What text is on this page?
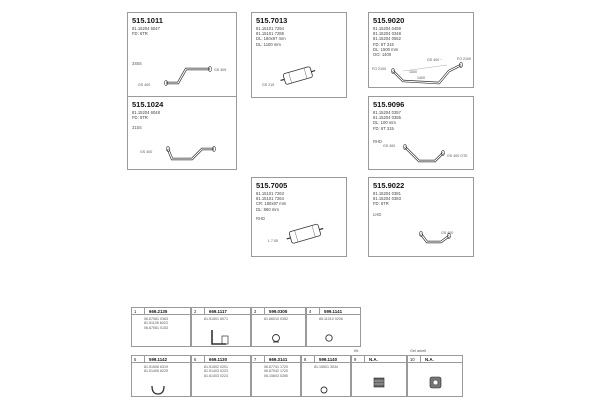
515.1011
81.15204 6047
FD: 6TR
345S
GS 400
GS 409
515.7013
81.15101 7294
81.15101 7286
DL: 180x97 mm
DL: 1100 mm
GS 215
515.9020
81.15204 0459
81.15204 0348
81.15204 0552
FD: 6T 315
DL: 1500 mm
OO: 1400
FO 2100
FO 2100
GS 400 ~
1500
1400
515.1024
81.15204 6048
FD: 6TR
GS 400
315S
515.9096
81.15204 0357
81.15204 0355
DL: 100 mm
FD: 6T 315
RHD
GS 400
GS 400 GTE
515.7005
81.15101 7263
81.15101 7264
CR: 180x97 mm
DL: 860 mm
RHD
L 7.05
515.9022
81.15204 0381
81.15204 0383
FD: 6TR
LHD
GS 400
1	669.2135
06.67081 0363
81.51105 6023
06.67081 0153
2	669.1117
81.51501 6071
3	599.0305
81.66010 0352
4	599.1141
85.11010 0206
5	599.1142
81.51506 6319
81.51406 6229
6	669.1130
81.51502 0201
81.51403 0223
81.61403 0223
7	669.3141
06.67741 1720
06.67042 1720
06.15603 0280
8	599.1140
81.15501 3034
Kit
9	N.A.
Gel arkelt
10 N.A.
